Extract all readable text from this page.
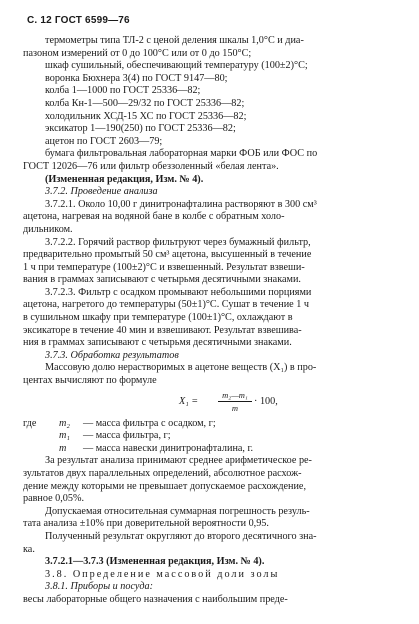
С. 12 ГОСТ 6599—76
термометры типа ТЛ-2 с ценой деления шкалы 1,0°С и диа-
пазоном измерений от 0 до 100°С или от 0 до 150°С;
шкаф сушильный, обеспечивающий температуру (100±2)°С;
воронка Бюхнера 3(4) по ГОСТ 9147—80;
колба 1—1000 по ГОСТ 25336—82;
колба Кн-1—500—29/32 по ГОСТ 25336—82;
холодильник ХСД-15 ХС по ГОСТ 25336—82;
эксикатор 1—190(250) по ГОСТ 25336—82;
ацетон по ГОСТ 2603—79;
бумага фильтровальная лабораторная марки ФОБ или ФОС по
ГОСТ 12026—76 или фильтр обеззоленный «белая лента».
(Измененная редакция, Изм. № 4).
3.7.2. Проведение анализа
3.7.2.1. Около 10,00 г динитронафталина растворяют в 300 см³
ацетона, нагревая на водяной бане в колбе с обратным холо-
дильником.
3.7.2.2. Горячий раствор фильтруют через бумажный фильтр,
предварительно промытый 50 см³ ацетона, высушенный в течение
1 ч при температуре (100±2)°С и взвешенный. Результат взвеши-
вания в граммах записывают с четырьмя десятичными знаками.
3.7.2.3. Фильтр с осадком промывают небольшими порциями
ацетона, нагретого до температуры (50±1)°С. Сушат в течение 1 ч
в сушильном шкафу при температуре (100±1)°С, охлаждают в
эксикаторе в течение 40 мин и взвешивают. Результат взвешива-
ния в граммах записывают с четырьмя десятичными знаками.
3.7.3. Обработка результатов
Массовую долю нерастворимых в ацетоне веществ (X₁) в про-
центах вычисляют по формуле
X₁ =
m₂—m₁
m
· 100,
где m₂ — масса фильтра с осадком, г;
m₁ — масса фильтра, г;
m — масса навески динитронафталина, г.
За результат анализа принимают среднее арифметическое ре-
зультатов двух параллельных определений, абсолютное расхож-
дение между которыми не превышает допускаемое расхождение,
равное 0,05%.
Допускаемая относительная суммарная погрешность резуль-
тата анализа ±10% при доверительной вероятности 0,95.
Полученный результат округляют до второго десятичного зна-
ка.
3.7.2.1—3.7.3 (Измененная редакция, Изм. № 4).
3.8. Определение массовой доли золы
3.8.1. Приборы и посуда:
весы лабораторные общего назначения с наибольшим преде-
